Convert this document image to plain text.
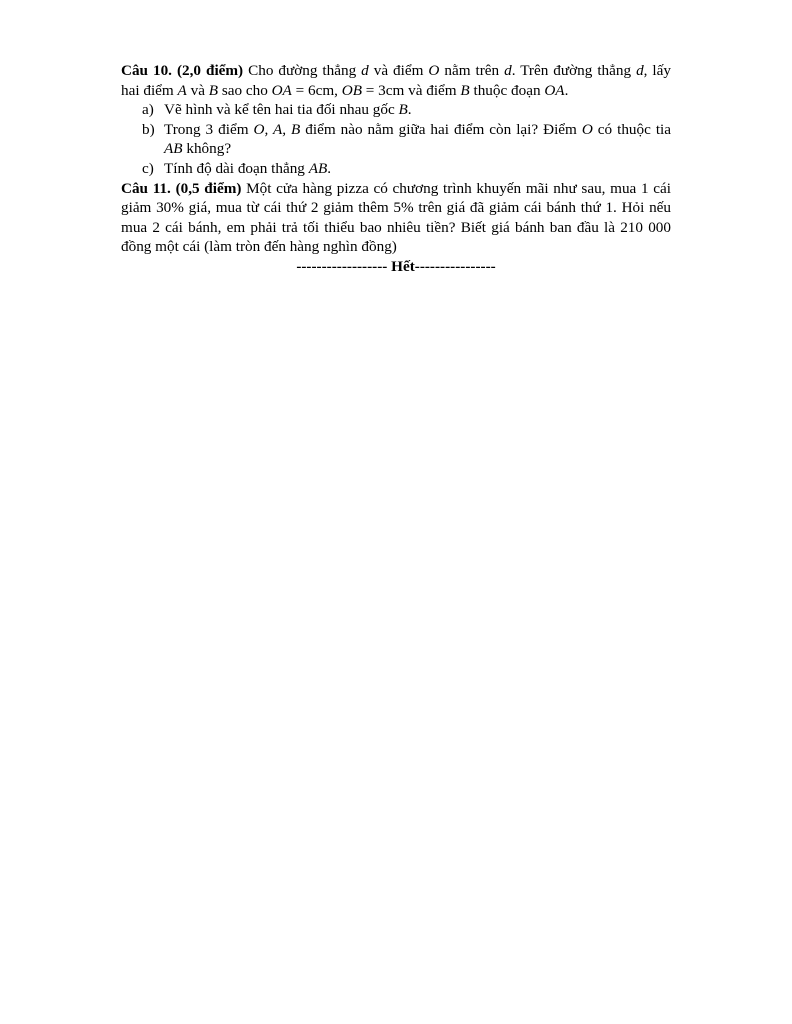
Câu 10. (2,0 điểm) Cho đường thẳng d và điểm O nằm trên d. Trên đường thẳng d, lấy hai điểm A và B sao cho OA = 6cm, OB = 3cm và điểm B thuộc đoạn OA.

a) Vẽ hình và kể tên hai tia đối nhau gốc B.
b) Trong 3 điểm O, A, B điểm nào nằm giữa hai điểm còn lại? Điểm O có thuộc tia AB không?
c) Tính độ dài đoạn thẳng AB.

Câu 11. (0,5 điểm) Một cửa hàng pizza có chương trình khuyến mãi như sau, mua 1 cái giảm 30% giá, mua từ cái thứ 2 giảm thêm 5% trên giá đã giảm cái bánh thứ 1. Hỏi nếu mua 2 cái bánh, em phải trả tối thiểu bao nhiêu tiền? Biết giá bánh ban đầu là 210 000 đồng một cái (làm tròn đến hàng nghìn đồng)

------------------ Hết----------------
